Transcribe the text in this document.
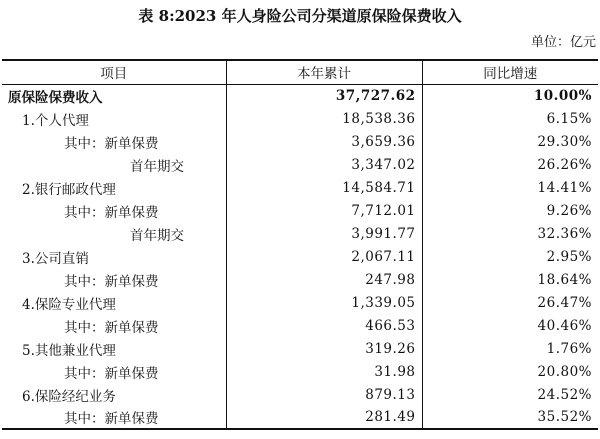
表 8:2023 年人身险公司分渠道原保险保费收入
单位：亿元
项目	本年累计	同比增速
原保险保费收入	37,727.62	10.00%
1.个人代理	18,538.36	6.15%
其中：新单保费	3,659.36	29.30%
首年期交	3,347.02	26.26%
2.银行邮政代理	14,584.71	14.41%
其中：新单保费	7,712.01	9.26%
首年期交	3,991.77	32.36%
3.公司直销	2,067.11	2.95%
其中：新单保费	247.98	18.64%
4.保险专业代理	1,339.05	26.47%
其中：新单保费	466.53	40.46%
5.其他兼业代理	319.26	1.76%
其中：新单保费	31.98	20.80%
6.保险经纪业务	879.13	24.52%
其中：新单保费	281.49	35.52%
